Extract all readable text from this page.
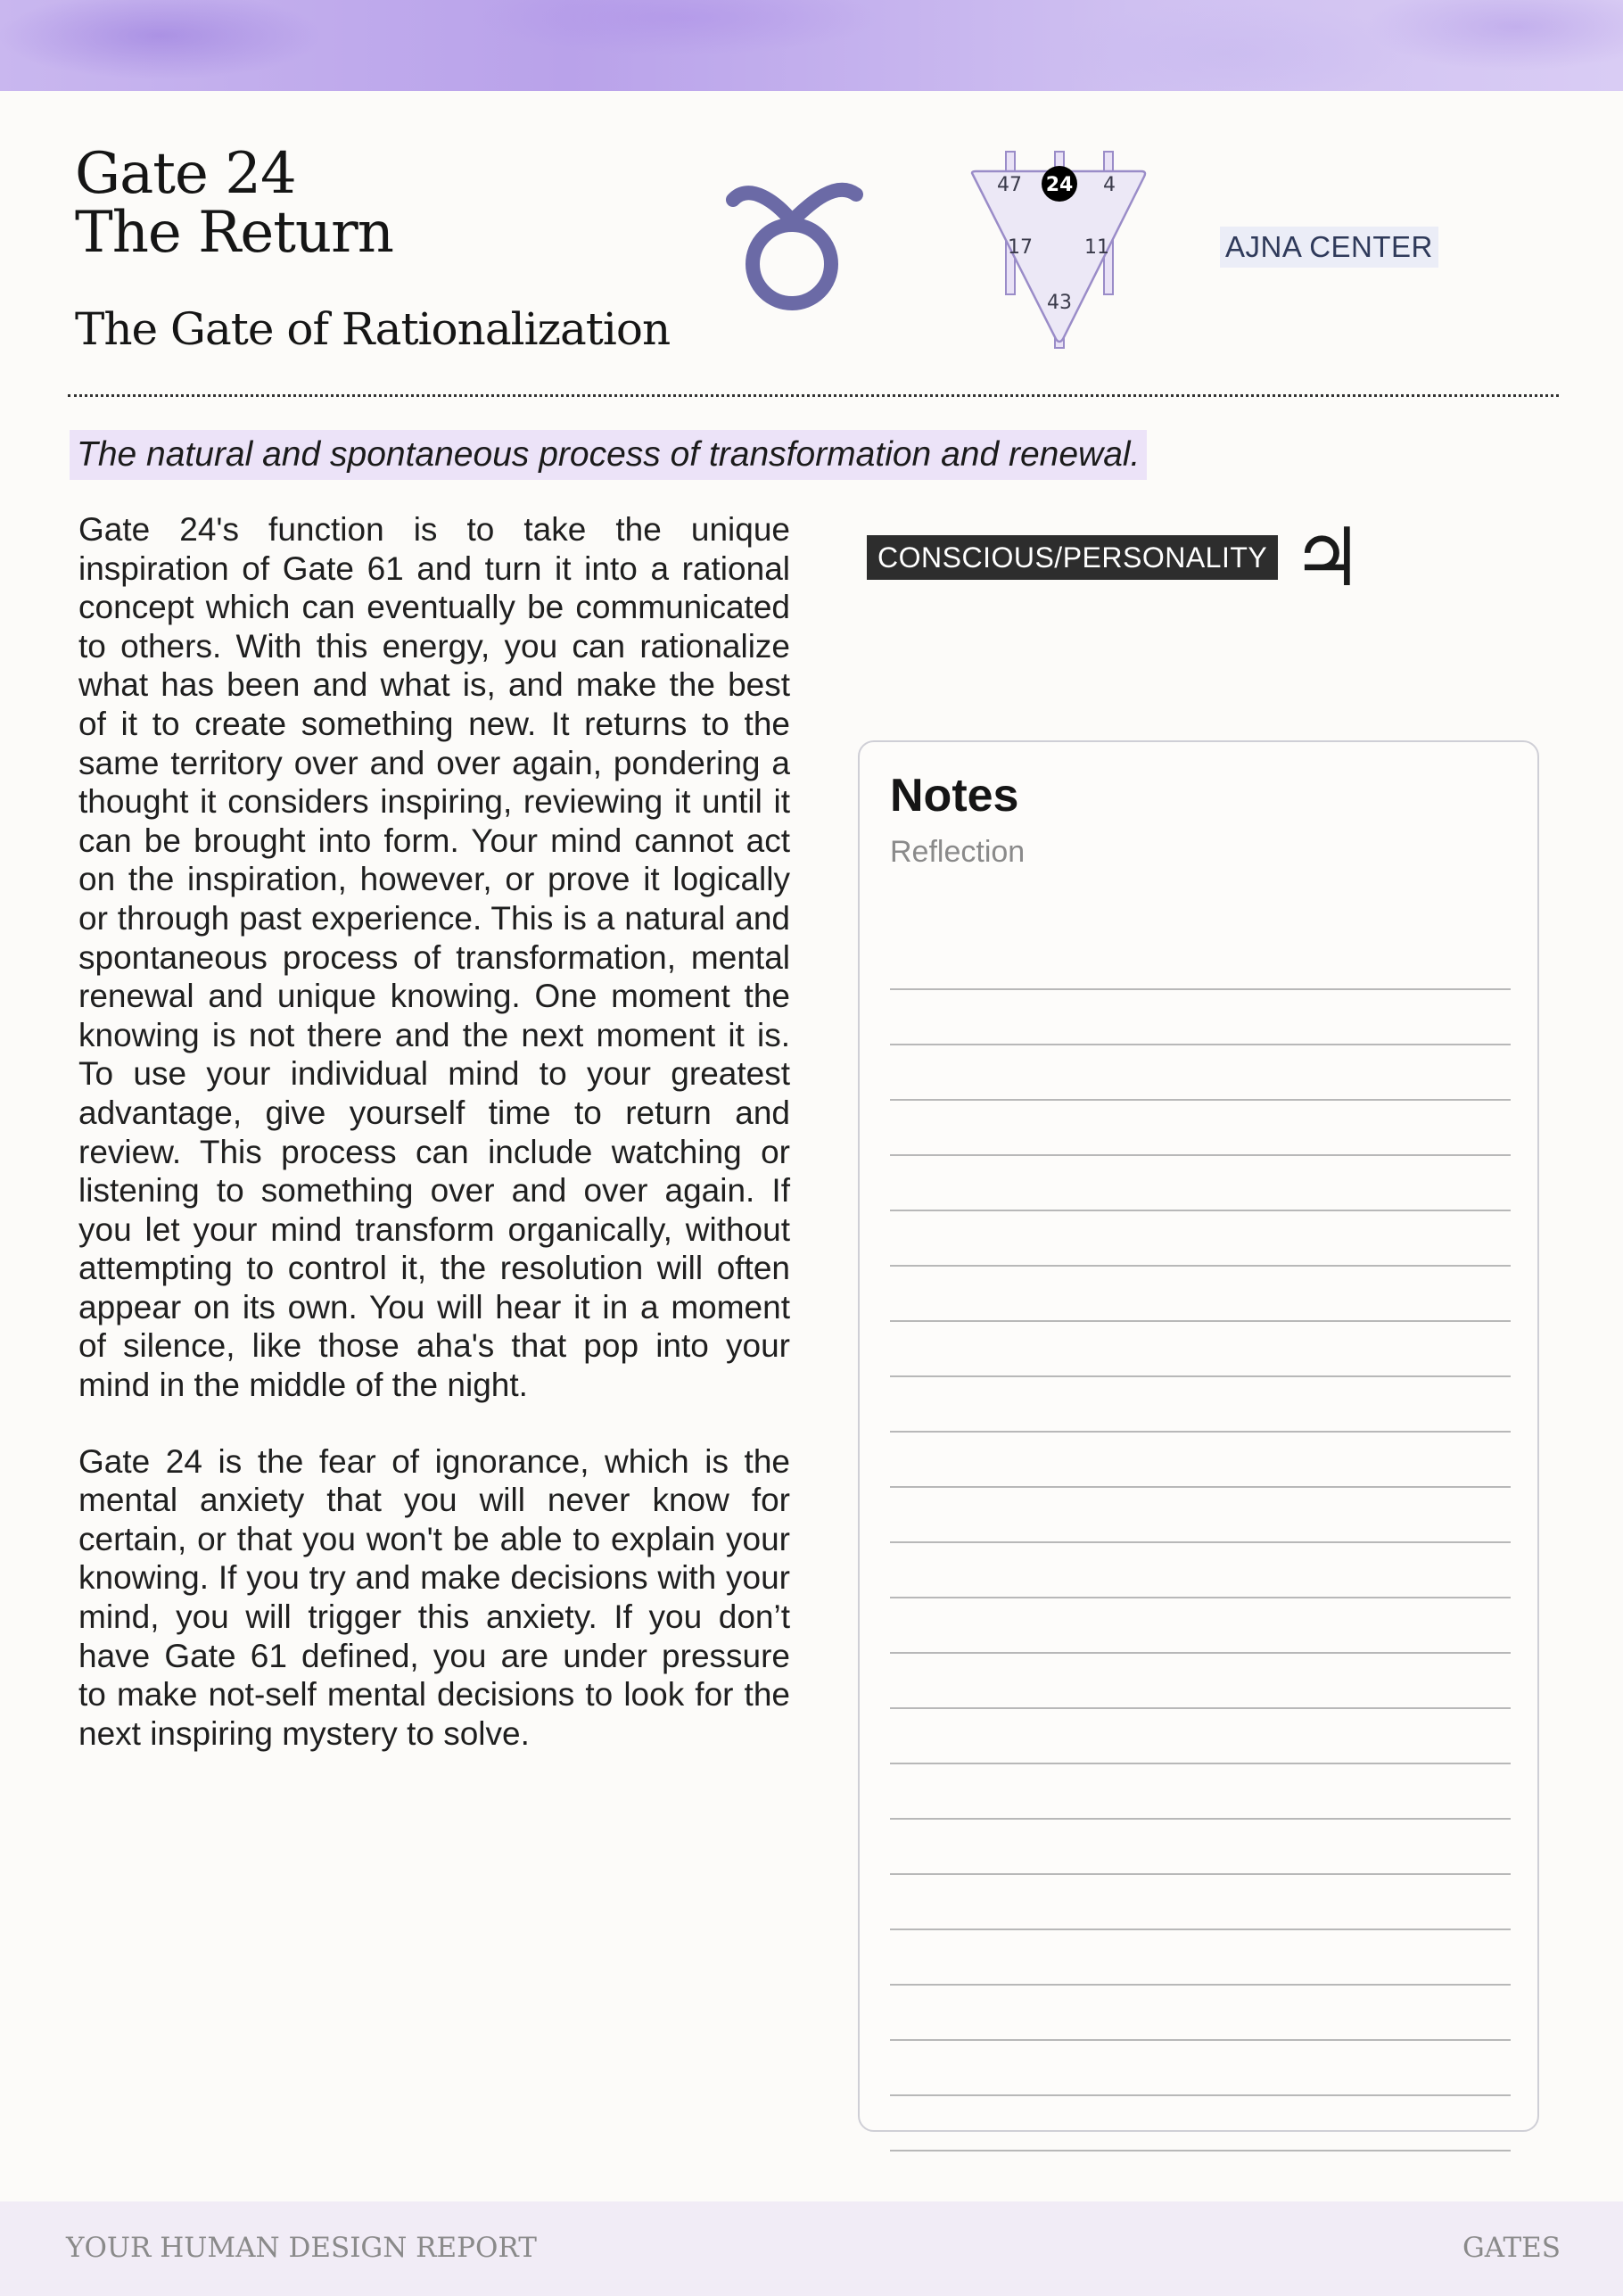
Gate 24
The Return
The Gate of Rationalization
47 24 4
17	11
43
AJNA CENTER
The natural and spontaneous process of transformation and renewal.

Gate 24's function is to take the unique inspiration of Gate 61 and turn it into a rational concept which can eventually be communicated to others. With this energy, you can rationalize what has been and what is, and make the best of it to create something new. It returns to the same territory over and over again, pondering a thought it considers inspiring, reviewing it until it can be brought into form. Your mind cannot act on the inspiration, however, or prove it logically or through past experience. This is a natural and spontaneous process of transformation, mental renewal and unique knowing. One moment the knowing is not there and the next moment it is. To use your individual mind to your greatest advantage, give yourself time to return and review. This process can include watching or listening to something over and over again. If you let your mind transform organically, without attempting to control it, the resolution will often appear on its own. You will hear it in a moment of silence, like those aha's that pop into your mind in the middle of the night.

Gate 24 is the fear of ignorance, which is the mental anxiety that you will never know for certain, or that you won't be able to explain your knowing. If you try and make decisions with your mind, you will trigger this anxiety. If you don’t have Gate 61 defined, you are under pressure to make not-self mental decisions to look for the next inspiring mystery to solve.

CONSCIOUS/PERSONALITY ♃
Notes
Reflection
YOUR HUMAN DESIGN REPORT	GATES
